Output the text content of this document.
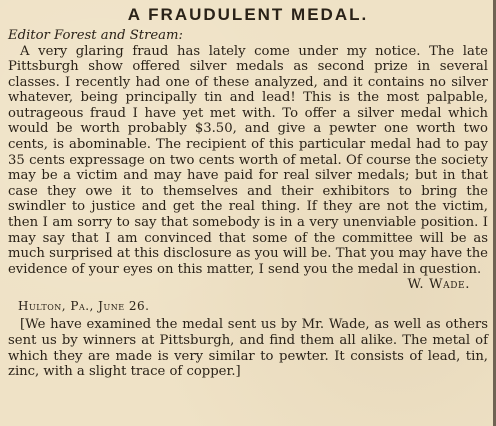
A FRAUDULENT MEDAL.

Editor Forest and Stream:

A very glaring fraud has lately come under my notice. The late Pittsburgh show offered silver medals as second prize in several classes. I recently had one of these analyzed, and it contains no silver whatever, being principally tin and lead! This is the most palpable, outrageous fraud I have yet met with. To offer a silver medal which would be worth probably $3.50, and give a pewter one worth two cents, is abominable. The recipient of this particular medal had to pay 35 cents expressage on two cents worth of metal. Of course the society may be a victim and may have paid for real silver medals; but in that case they owe it to themselves and their exhibitors to bring the swindler to justice and get the real thing. If they are not the victim, then I am sorry to say that somebody is in a very unenviable position. I may say that I am convinced that some of the committee will be as much surprised at this disclosure as you will be. That you may have the evidence of your eyes on this matter, I send you the medal in question.

W. Wade.

Hulton, Pa., June 26.

[We have examined the medal sent us by Mr. Wade, as well as others sent us by winners at Pittsburgh, and find them all alike. The metal of which they are made is very similar to pewter. It consists of lead, tin, zinc, with a slight trace of copper.]
